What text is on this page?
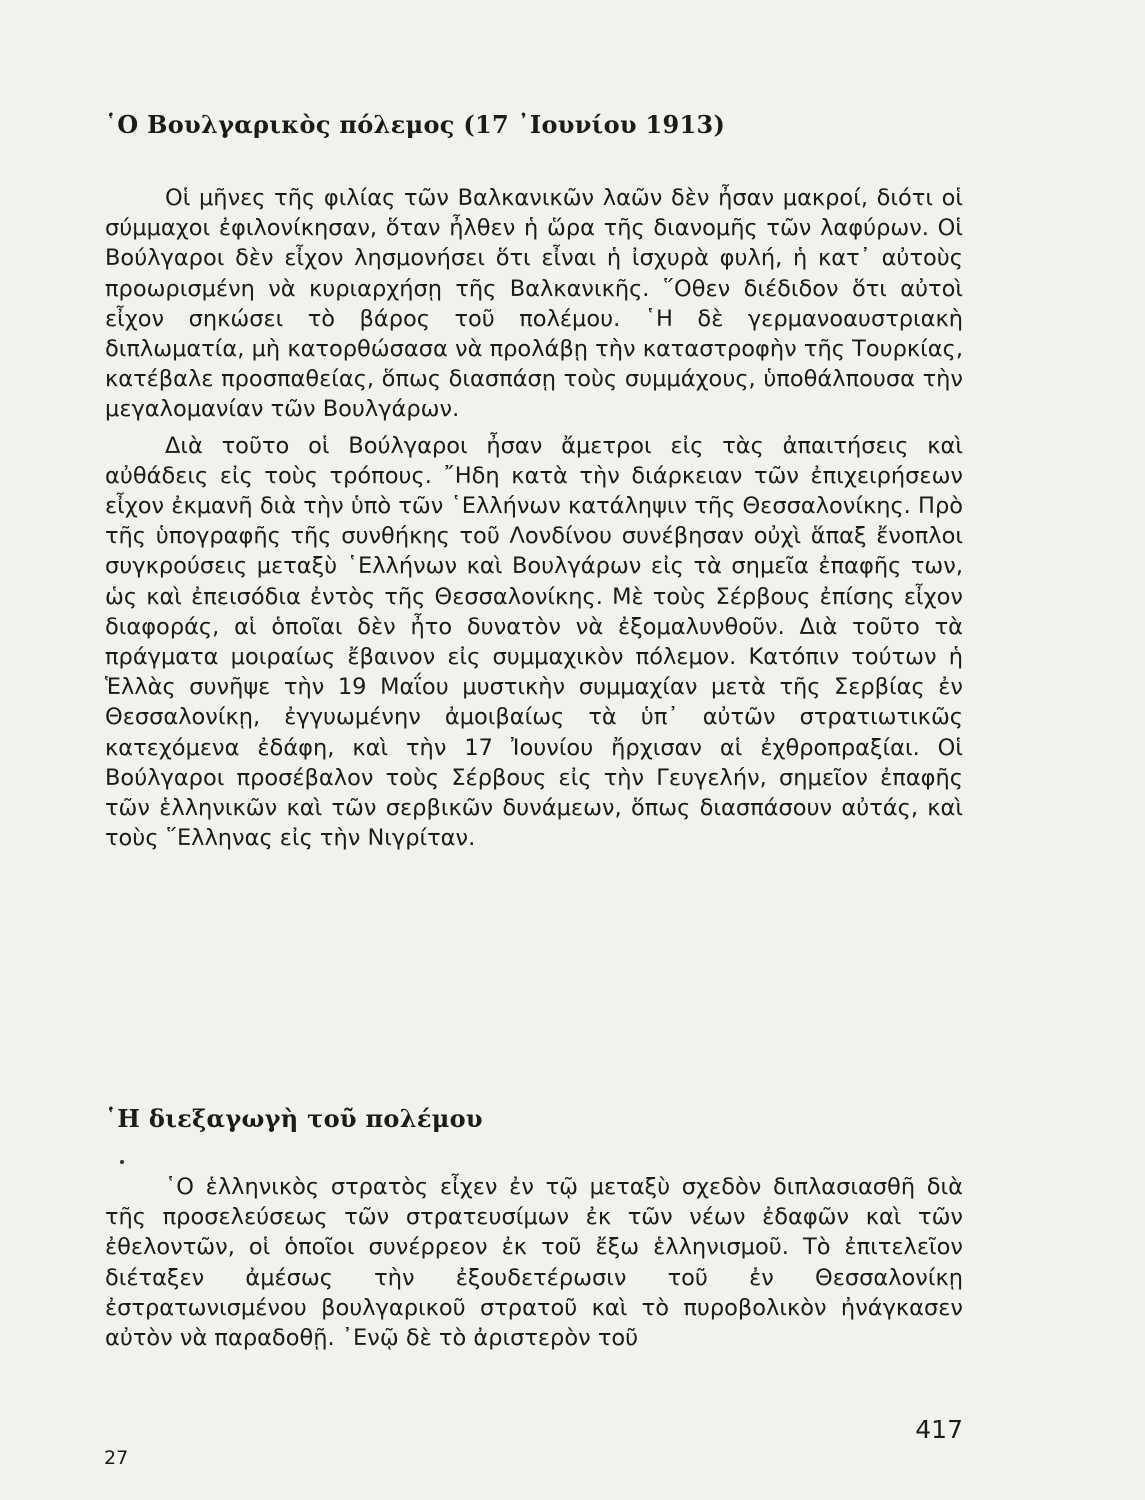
῾Ο Βουλγαρικὸς πόλεμος (17 ᾿Ιουνίου 1913)

Οἱ μῆνες τῆς φιλίας τῶν Βαλκανικῶν λαῶν δὲν ἦσαν μακροί, διότι οἱ σύμμαχοι ἐφιλονίκησαν, ὅταν ἦλθεν ἡ ὥρα τῆς διανομῆς τῶν λαφύρων. Οἱ Βούλγαροι δὲν εἶχον λησμονήσει ὅτι εἶναι ἡ ἰσχυρὰ φυλή, ἡ κατ᾿ αὐτοὺς προωρισμένη νὰ κυριαρχήσῃ τῆς Βαλκανικῆς. ῞Οθεν διέδιδον ὅτι αὐτοὶ εἶχον σηκώσει τὸ βάρος τοῦ πολέμου. ῾Η δὲ γερμανοαυστριακὴ διπλωματία, μὴ κατορθώσασα νὰ προλάβῃ τὴν καταστροφὴν τῆς Τουρκίας, κατέβαλε προσπαθείας, ὅπως διασπάσῃ τοὺς συμμάχους, ὑποθάλπουσα τὴν μεγαλομανίαν τῶν Βουλγάρων.

Διὰ τοῦτο οἱ Βούλγαροι ἦσαν ἄμετροι εἰς τὰς ἀπαιτήσεις καὶ αὐθάδεις εἰς τοὺς τρόπους. ῎Ηδη κατὰ τὴν διάρκειαν τῶν ἐπιχειρήσεων εἶχον ἐκμανῆ διὰ τὴν ὑπὸ τῶν ῾Ελλήνων κατάληψιν τῆς Θεσσαλονίκης. Πρὸ τῆς ὑπογραφῆς τῆς συνθήκης τοῦ Λονδίνου συνέβησαν οὐχὶ ἅπαξ ἔνοπλοι συγκρούσεις μεταξὺ ῾Ελλήνων καὶ Βουλγάρων εἰς τὰ σημεῖα ἐπαφῆς των, ὡς καὶ ἐπεισόδια ἐντὸς τῆς Θεσσαλονίκης. Μὲ τοὺς Σέρβους ἐπίσης εἶχον διαφοράς, αἱ ὁποῖαι δὲν ἦτο δυνατὸν νὰ ἐξομαλυνθοῦν. Διὰ τοῦτο τὰ πράγματα μοιραίως ἔβαινον εἰς συμμαχικὸν πόλεμον. Κατόπιν τούτων ἡ Ἑλλὰς συνῆψε τὴν 19 Μαΐου μυστικὴν συμμαχίαν μετὰ τῆς Σερβίας ἐν Θεσσαλονίκῃ, ἐγγυωμένην ἀμοιβαίως τὰ ὑπ᾿ αὐτῶν στρατιωτικῶς κατεχόμενα ἐδάφη, καὶ τὴν 17 Ἰουνίου ἤρχισαν αἱ ἐχθροπραξίαι. Οἱ Βούλγαροι προσέβαλον τοὺς Σέρβους εἰς τὴν Γευγελήν, σημεῖον ἐπαφῆς τῶν ἑλληνικῶν καὶ τῶν σερβικῶν δυνάμεων, ὅπως διασπάσουν αὐτάς, καὶ τοὺς ῞Ελληνας εἰς τὴν Νιγρίταν.

῾Η διεξαγωγὴ τοῦ πολέμου

῾Ο ἑλληνικὸς στρατὸς εἶχεν ἐν τῷ μεταξὺ σχεδὸν διπλασιασθῆ διὰ τῆς προσελεύσεως τῶν στρατευσίμων ἐκ τῶν νέων ἐδαφῶν καὶ τῶν ἐθελοντῶν, οἱ ὁποῖοι συνέρρεον ἐκ τοῦ ἔξω ἑλληνισμοῦ. Τὸ ἐπιτελεῖον διέταξεν ἀμέσως τὴν ἐξουδετέρωσιν τοῦ ἐν Θεσσαλονίκῃ ἐστρατωνισμένου βουλγαρικοῦ στρατοῦ καὶ τὸ πυροβολικὸν ἠνάγκασεν αὐτὸν νὰ παραδοθῇ. ᾿Ενῷ δὲ τὸ ἀριστερὸν τοῦ

417
27
